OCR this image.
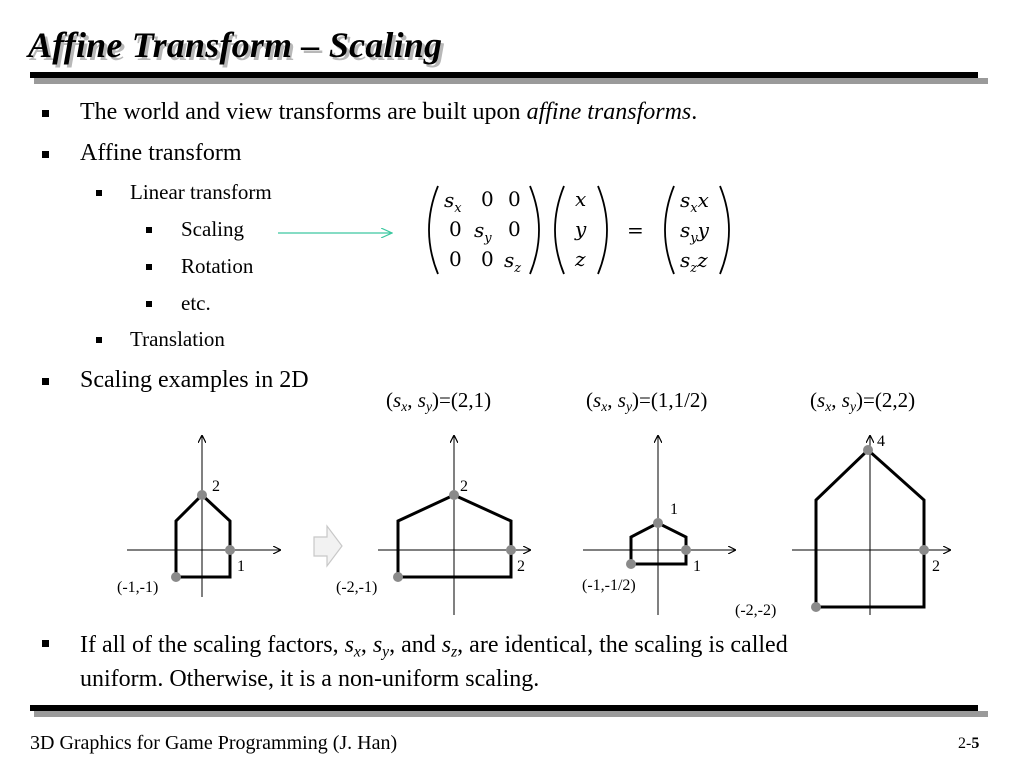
Affine Transform – Scaling
The world and view transforms are built upon affine transforms.
Affine transform
Linear transform
Scaling
Rotation
etc.
Translation
Scaling examples in 2D
($s_x$, $s_y)=(2,1)$	($s_x$, $s_y)=(1,1/2)$	($s_x$, $s_y)=(2,2)$
$s_x$ 0 0
0 $s_y$ 0
0 0 $s_z$
x
y
z
=
$s_xx$
$s_yy$
$s_zz$
2
1
(-1,-1)
2
2
(-2,-1)
1
1
(-1,-1/2)
4
2
(-2,-2)
If all of the scaling factors, $s_x$, $s_y$, and $s_z$, are identical, the scaling is called
uniform. Otherwise, it is a non-uniform scaling.
3D Graphics for Game Programming (J. Han)	2-5
